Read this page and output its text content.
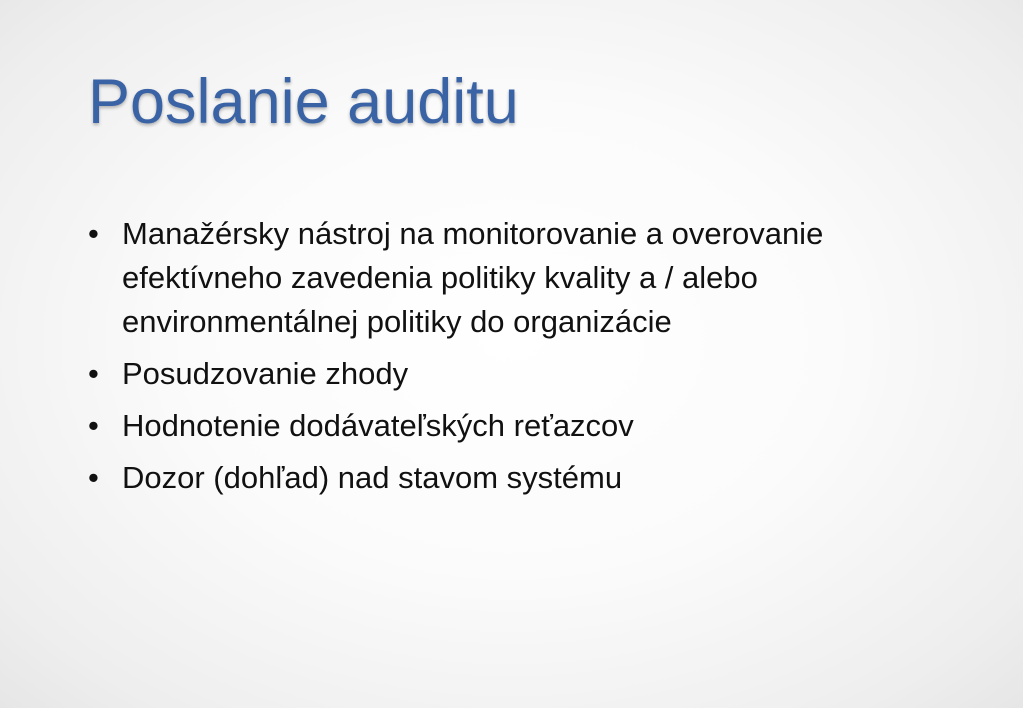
Poslanie auditu
• Manažérsky nástroj na monitorovanie a overovanie efektívneho zavedenia politiky kvality a / alebo environmentálnej politiky do organizácie
• Posudzovanie zhody
• Hodnotenie dodávateľských reťazcov
• Dozor (dohľad) nad stavom systému
